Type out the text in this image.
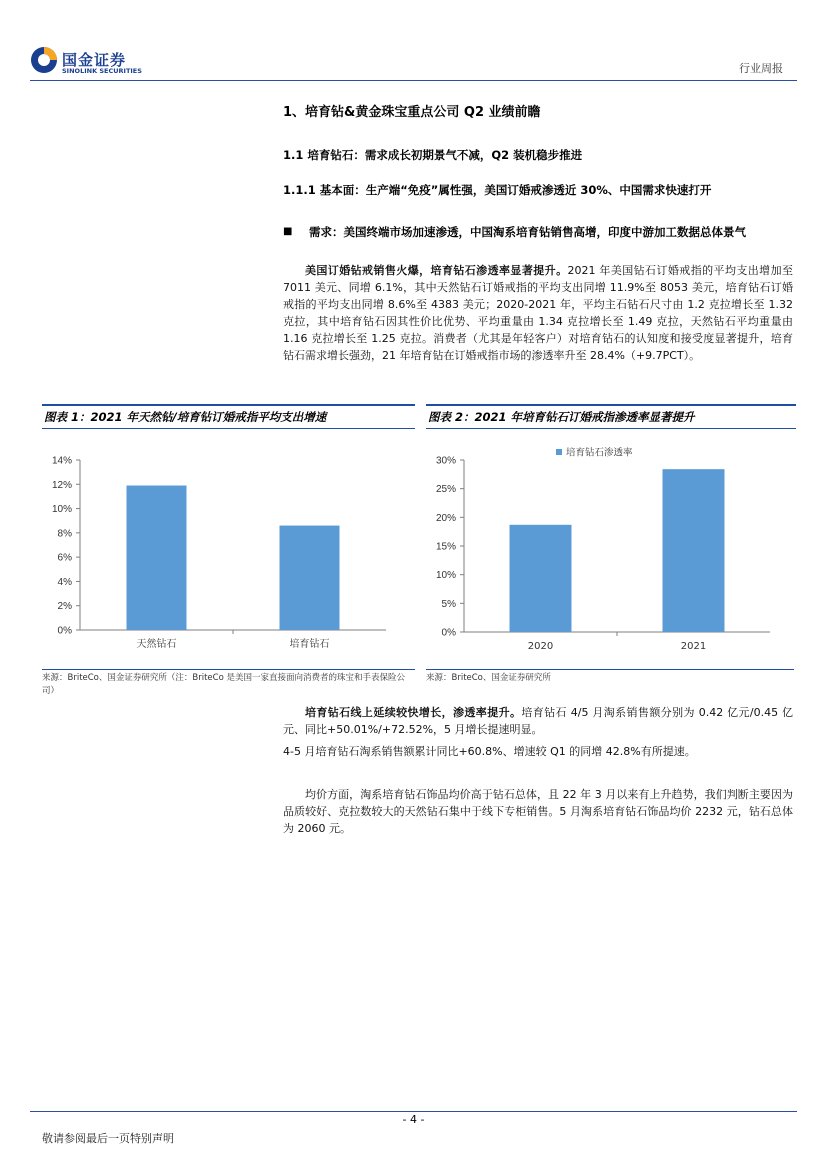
国金证券
SINOLINK SECURITIES	行业周报
1、培育钻&黄金珠宝重点公司 Q2 业绩前瞻
1.1 培育钻石：需求成长初期景气不减，Q2 装机稳步推进
1.1.1 基本面：生产端“免疫”属性强，美国订婚戒渗透近 30%、中国需求快速打开
■	需求：美国终端市场加速渗透，中国淘系培育钻销售高增，印度中游加工数据总体景气
美国订婚钻戒销售火爆，培育钻石渗透率显著提升。2021 年美国钻石订婚戒指的平均支出增加至 7011 美元、同增 6.1%，其中天然钻石订婚戒指的平均支出同增 11.9%至 8053 美元，培育钻石订婚戒指的平均支出同增 8.6%至 4383 美元；2020-2021 年，平均主石钻石尺寸由 1.2 克拉增长至 1.32 克拉，其中培育钻石因其性价比优势、平均重量由 1.34 克拉增长至 1.49 克拉，天然钻石平均重量由 1.16 克拉增长至 1.25 克拉。消费者（尤其是年轻客户）对培育钻石的认知度和接受度显著提升，培育钻石需求增长强劲，21 年培育钻在订婚戒指市场的渗透率升至 28.4%（+9.7PCT）。
图表 1：2021 年天然钻/培育钻订婚戒指平均支出增速
0%
2%
4%
6%
8%
10%
12%
14%
天然钻石	培育钻石
来源：BriteCo、国金证券研究所（注：BriteCo 是美国一家直接面向消费者的珠宝和手表保险公司）
图表 2：2021 年培育钻石订婚戒指渗透率显著提升
0%
5%
10%
15%
20%
25%
30%
2020	2021
培育钻石渗透率
来源：BriteCo、国金证券研究所
培育钻石线上延续较快增长，渗透率提升。培育钻石 4/5 月淘系销售额分别为 0.42 亿元/0.45 亿元、同比+50.01%/+72.52%，5 月增长提速明显。
4-5 月培育钻石淘系销售额累计同比+60.8%、增速较 Q1 的同增 42.8%有所提速。
均价方面，淘系培育钻石饰品均价高于钻石总体，且 22 年 3 月以来有上升趋势，我们判断主要因为品质较好、克拉数较大的天然钻石集中于线下专柜销售。5 月淘系培育钻石饰品均价 2232 元，钻石总体为 2060 元。
- 4 -
敬请参阅最后一页特别声明
